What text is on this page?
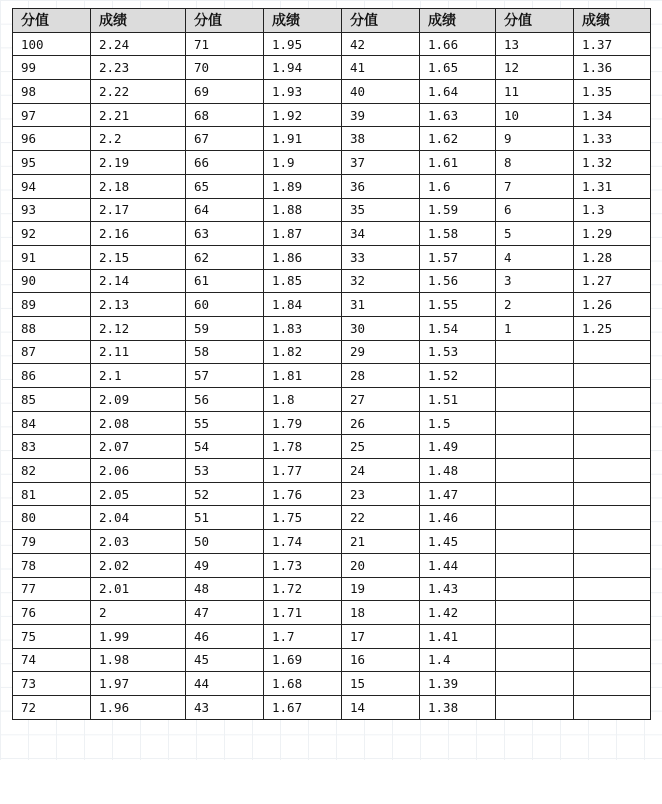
分值	成绩	分值	成绩	分值	成绩	分值	成绩
100	2.24	71	1.95	42	1.66	13	1.37
99	2.23	70	1.94	41	1.65	12	1.36
98	2.22	69	1.93	40	1.64	11	1.35
97	2.21	68	1.92	39	1.63	10	1.34
96	2.2	67	1.91	38	1.62	9	1.33
95	2.19	66	1.9	37	1.61	8	1.32
94	2.18	65	1.89	36	1.6	7	1.31
93	2.17	64	1.88	35	1.59	6	1.3
92	2.16	63	1.87	34	1.58	5	1.29
91	2.15	62	1.86	33	1.57	4	1.28
90	2.14	61	1.85	32	1.56	3	1.27
89	2.13	60	1.84	31	1.55	2	1.26
88	2.12	59	1.83	30	1.54	1	1.25
87	2.11	58	1.82	29	1.53		
86	2.1	57	1.81	28	1.52		
85	2.09	56	1.8	27	1.51		
84	2.08	55	1.79	26	1.5		
83	2.07	54	1.78	25	1.49		
82	2.06	53	1.77	24	1.48		
81	2.05	52	1.76	23	1.47		
80	2.04	51	1.75	22	1.46		
79	2.03	50	1.74	21	1.45		
78	2.02	49	1.73	20	1.44		
77	2.01	48	1.72	19	1.43		
76	2	47	1.71	18	1.42		
75	1.99	46	1.7	17	1.41		
74	1.98	45	1.69	16	1.4		
73	1.97	44	1.68	15	1.39		
72	1.96	43	1.67	14	1.38		
